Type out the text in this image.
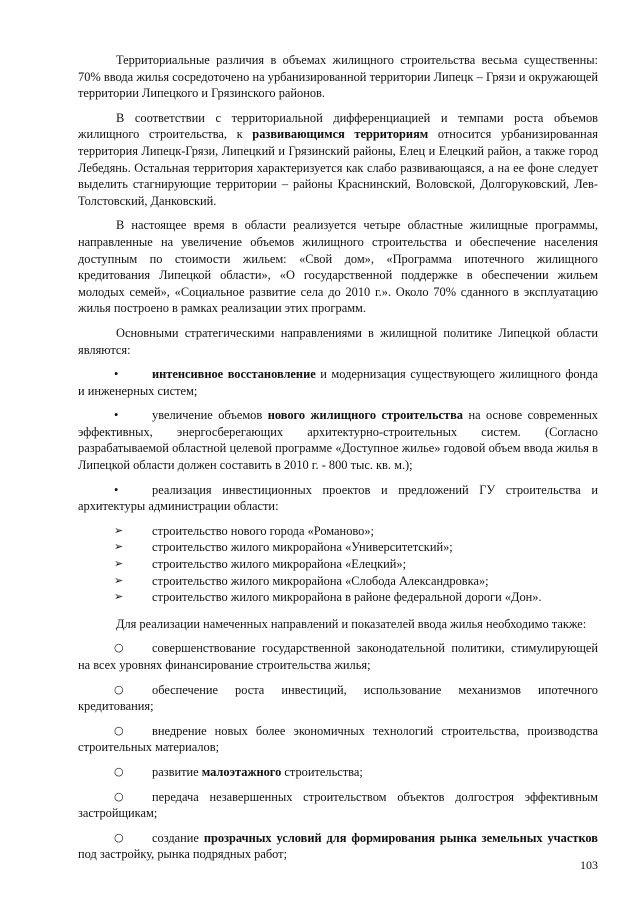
Территориальные различия в объемах жилищного строительства весьма существенны: 70% ввода жилья сосредоточено на урбанизированной территории Липецк – Грязи и окружающей территории Липецкого и Грязинского районов.

В соответствии с территориальной дифференциацией и темпами роста объемов жилищного строительства, к развивающимся территориям относится урбанизированная территория Липецк-Грязи, Липецкий и Грязинский районы, Елец и Елецкий район, а также город Лебедянь. Остальная территория характеризуется как слабо развивающаяся, а на ее фоне следует выделить стагнирующие территории – районы Краснинский, Воловской, Долгоруковский, Лев-Толстовский, Данковский.

В настоящее время в области реализуется четыре областные жилищные программы, направленные на увеличение объемов жилищного строительства и обеспечение населения доступным по стоимости жильем: «Свой дом», «Программа ипотечного жилищного кредитования Липецкой области», «О государственной поддержке в обеспечении жильем молодых семей», «Социальное развитие села до 2010 г.». Около 70% сданного в эксплуатацию жилья построено в рамках реализации этих программ.

Основными стратегическими направлениями в жилищной политике Липецкой области являются:

•	интенсивное восстановление и модернизация существующего жилищного фонда и инженерных систем;

•	увеличение объемов нового жилищного строительства на основе современных эффективных, энергосберегающих архитектурно-строительных систем. (Согласно разрабатываемой областной целевой программе «Доступное жилье» годовой объем ввода жилья в Липецкой области должен составить в 2010 г. - 800 тыс. кв. м.);

•	реализация инвестиционных проектов и предложений ГУ строительства и архитектуры администрации области:

➢ строительство нового города «Романово»;
➢ строительство жилого микрорайона «Университетский»;
➢ строительство жилого микрорайона «Елецкий»;
➢ строительство жилого микрорайона «Слобода Александровка»;
➢ строительство жилого микрорайона в районе федеральной дороги «Дон».

Для реализации намеченных направлений и показателей ввода жилья необходимо также:

○	совершенствование государственной законодательной политики, стимулирующей на всех уровнях финансирование строительства жилья;

○	обеспечение роста инвестиций, использование механизмов ипотечного кредитования;

○	внедрение новых более экономичных технологий строительства, производства строительных материалов;

○	развитие малоэтажного строительства;

○	передача незавершенных строительством объектов долгостроя эффективным застройщикам;

○	создание прозрачных условий для формирования рынка земельных участков под застройку, рынка подрядных работ;

103
